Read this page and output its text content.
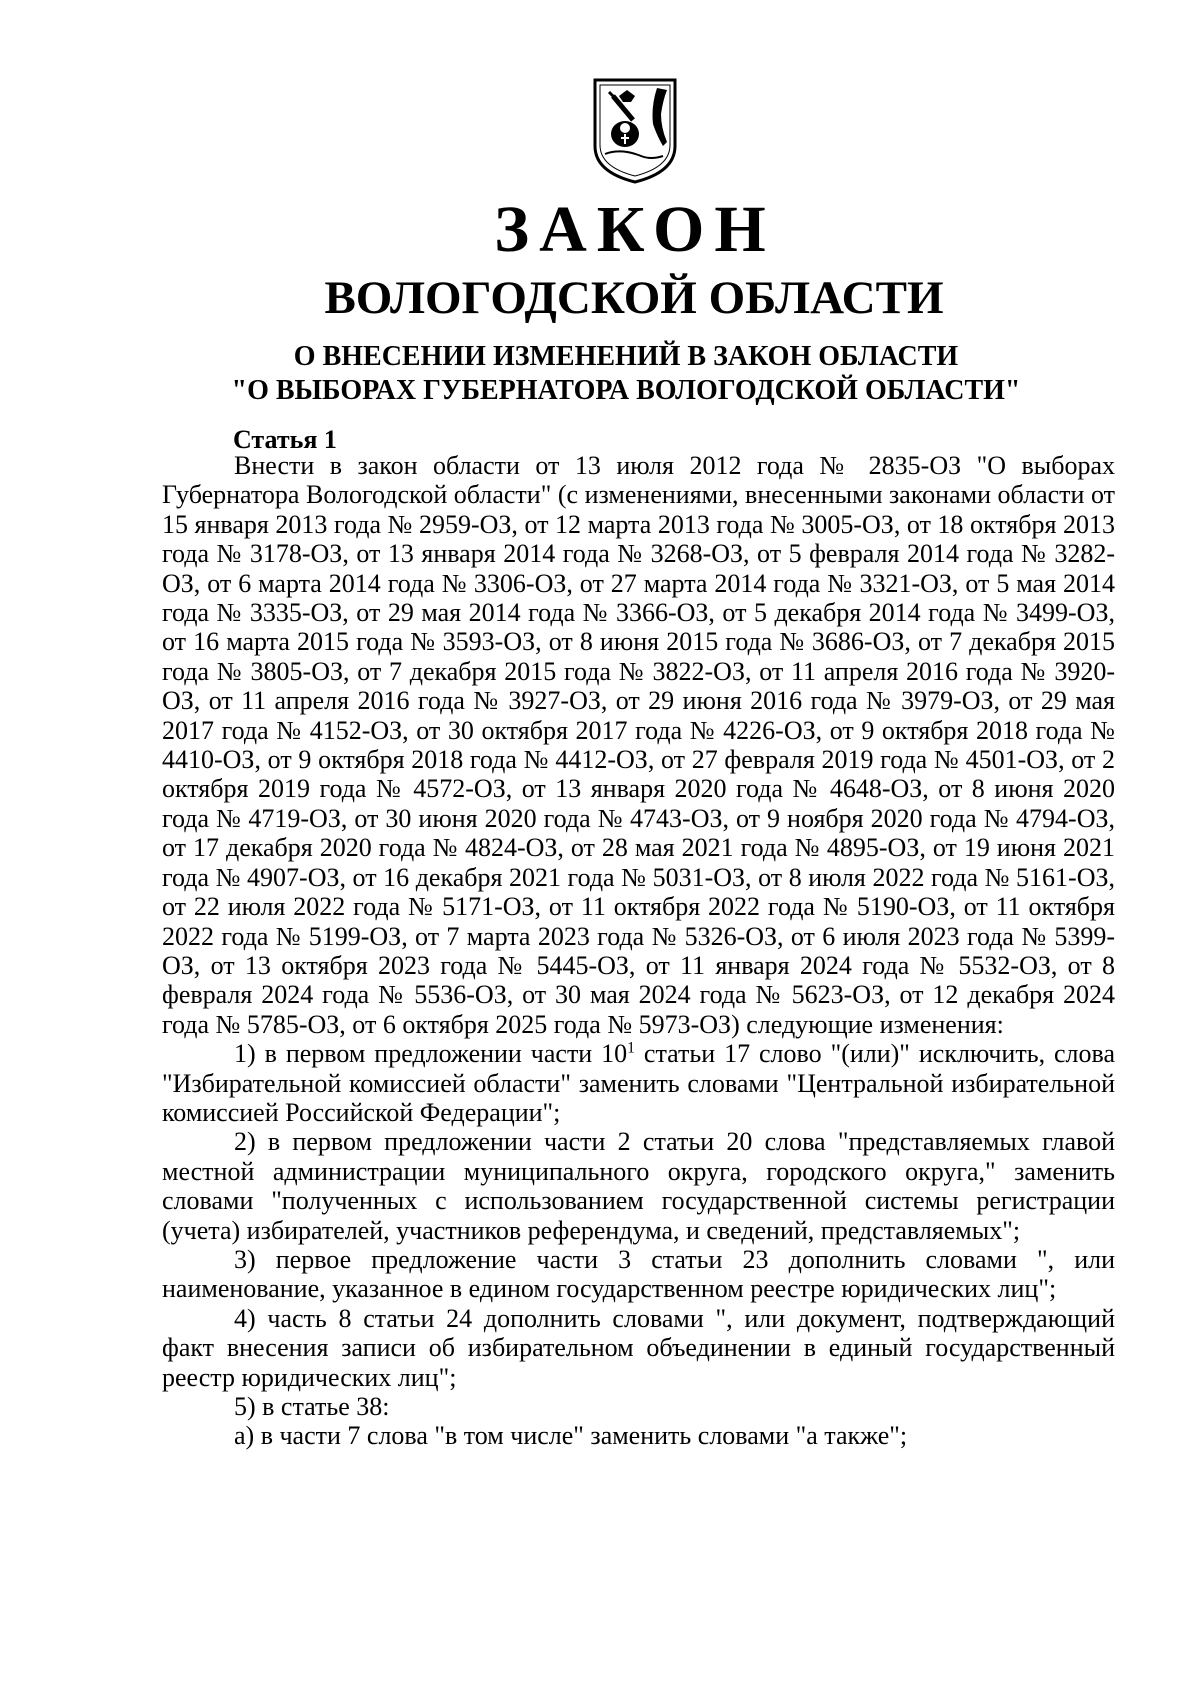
ЗАКОН
ВОЛОГОДСКОЙ ОБЛАСТИ
О ВНЕСЕНИИ ИЗМЕНЕНИЙ В ЗАКОН ОБЛАСТИ
"О ВЫБОРАХ ГУБЕРНАТОРА ВОЛОГОДСКОЙ ОБЛАСТИ"
Статья 1

Внести в закон области от 13 июля 2012 года № 2835-ОЗ "О выборах Губернатора Вологодской области" (с изменениями, внесенными законами области от 15 января 2013 года № 2959-ОЗ, от 12 марта 2013 года № 3005-ОЗ, от 18 октября 2013 года № 3178-ОЗ, от 13 января 2014 года № 3268-ОЗ, от 5 февраля 2014 года № 3282-ОЗ, от 6 марта 2014 года № 3306-ОЗ, от 27 марта 2014 года № 3321-ОЗ, от 5 мая 2014 года № 3335-ОЗ, от 29 мая 2014 года № 3366-ОЗ, от 5 декабря 2014 года № 3499-ОЗ, от 16 марта 2015 года № 3593-ОЗ, от 8 июня 2015 года № 3686-ОЗ, от 7 декабря 2015 года № 3805-ОЗ, от 7 декабря 2015 года № 3822-ОЗ, от 11 апреля 2016 года № 3920-ОЗ, от 11 апреля 2016 года № 3927-ОЗ, от 29 июня 2016 года № 3979-ОЗ, от 29 мая 2017 года № 4152-ОЗ, от 30 октября 2017 года № 4226-ОЗ, от 9 октября 2018 года № 4410-ОЗ, от 9 октября 2018 года № 4412-ОЗ, от 27 февраля 2019 года № 4501-ОЗ, от 2 октября 2019 года № 4572-ОЗ, от 13 января 2020 года № 4648-ОЗ, от 8 июня 2020 года № 4719-ОЗ, от 30 июня 2020 года № 4743-ОЗ, от 9 ноября 2020 года № 4794-ОЗ, от 17 декабря 2020 года № 4824-ОЗ, от 28 мая 2021 года № 4895-ОЗ, от 19 июня 2021 года № 4907-ОЗ, от 16 декабря 2021 года № 5031-ОЗ, от 8 июля 2022 года № 5161-ОЗ, от 22 июля 2022 года № 5171-ОЗ, от 11 октября 2022 года № 5190-ОЗ, от 11 октября 2022 года № 5199-ОЗ, от 7 марта 2023 года № 5326-ОЗ, от 6 июля 2023 года № 5399-ОЗ, от 13 октября 2023 года № 5445-ОЗ, от 11 января 2024 года № 5532-ОЗ, от 8 февраля 2024 года № 5536-ОЗ, от 30 мая 2024 года № 5623-ОЗ, от 12 декабря 2024 года № 5785-ОЗ, от 6 октября 2025 года № 5973-ОЗ) следующие изменения:

1) в первом предложении части $10^1$ статьи 17 слово "(или)" исключить, слова "Избирательной комиссией области" заменить словами "Центральной избирательной комиссией Российской Федерации";

2) в первом предложении части 2 статьи 20 слова "представляемых главой местной администрации муниципального округа, городского округа," заменить словами "полученных с использованием государственной системы регистрации (учета) избирателей, участников референдума, и сведений, представляемых";

3) первое предложение части 3 статьи 23 дополнить словами ", или наименование, указанное в едином государственном реестре юридических лиц";

4) часть 8 статьи 24 дополнить словами ", или документ, подтверждающий факт внесения записи об избирательном объединении в единый государственный реестр юридических лиц";

5) в статье 38:

а) в части 7 слова "в том числе" заменить словами "а также";
